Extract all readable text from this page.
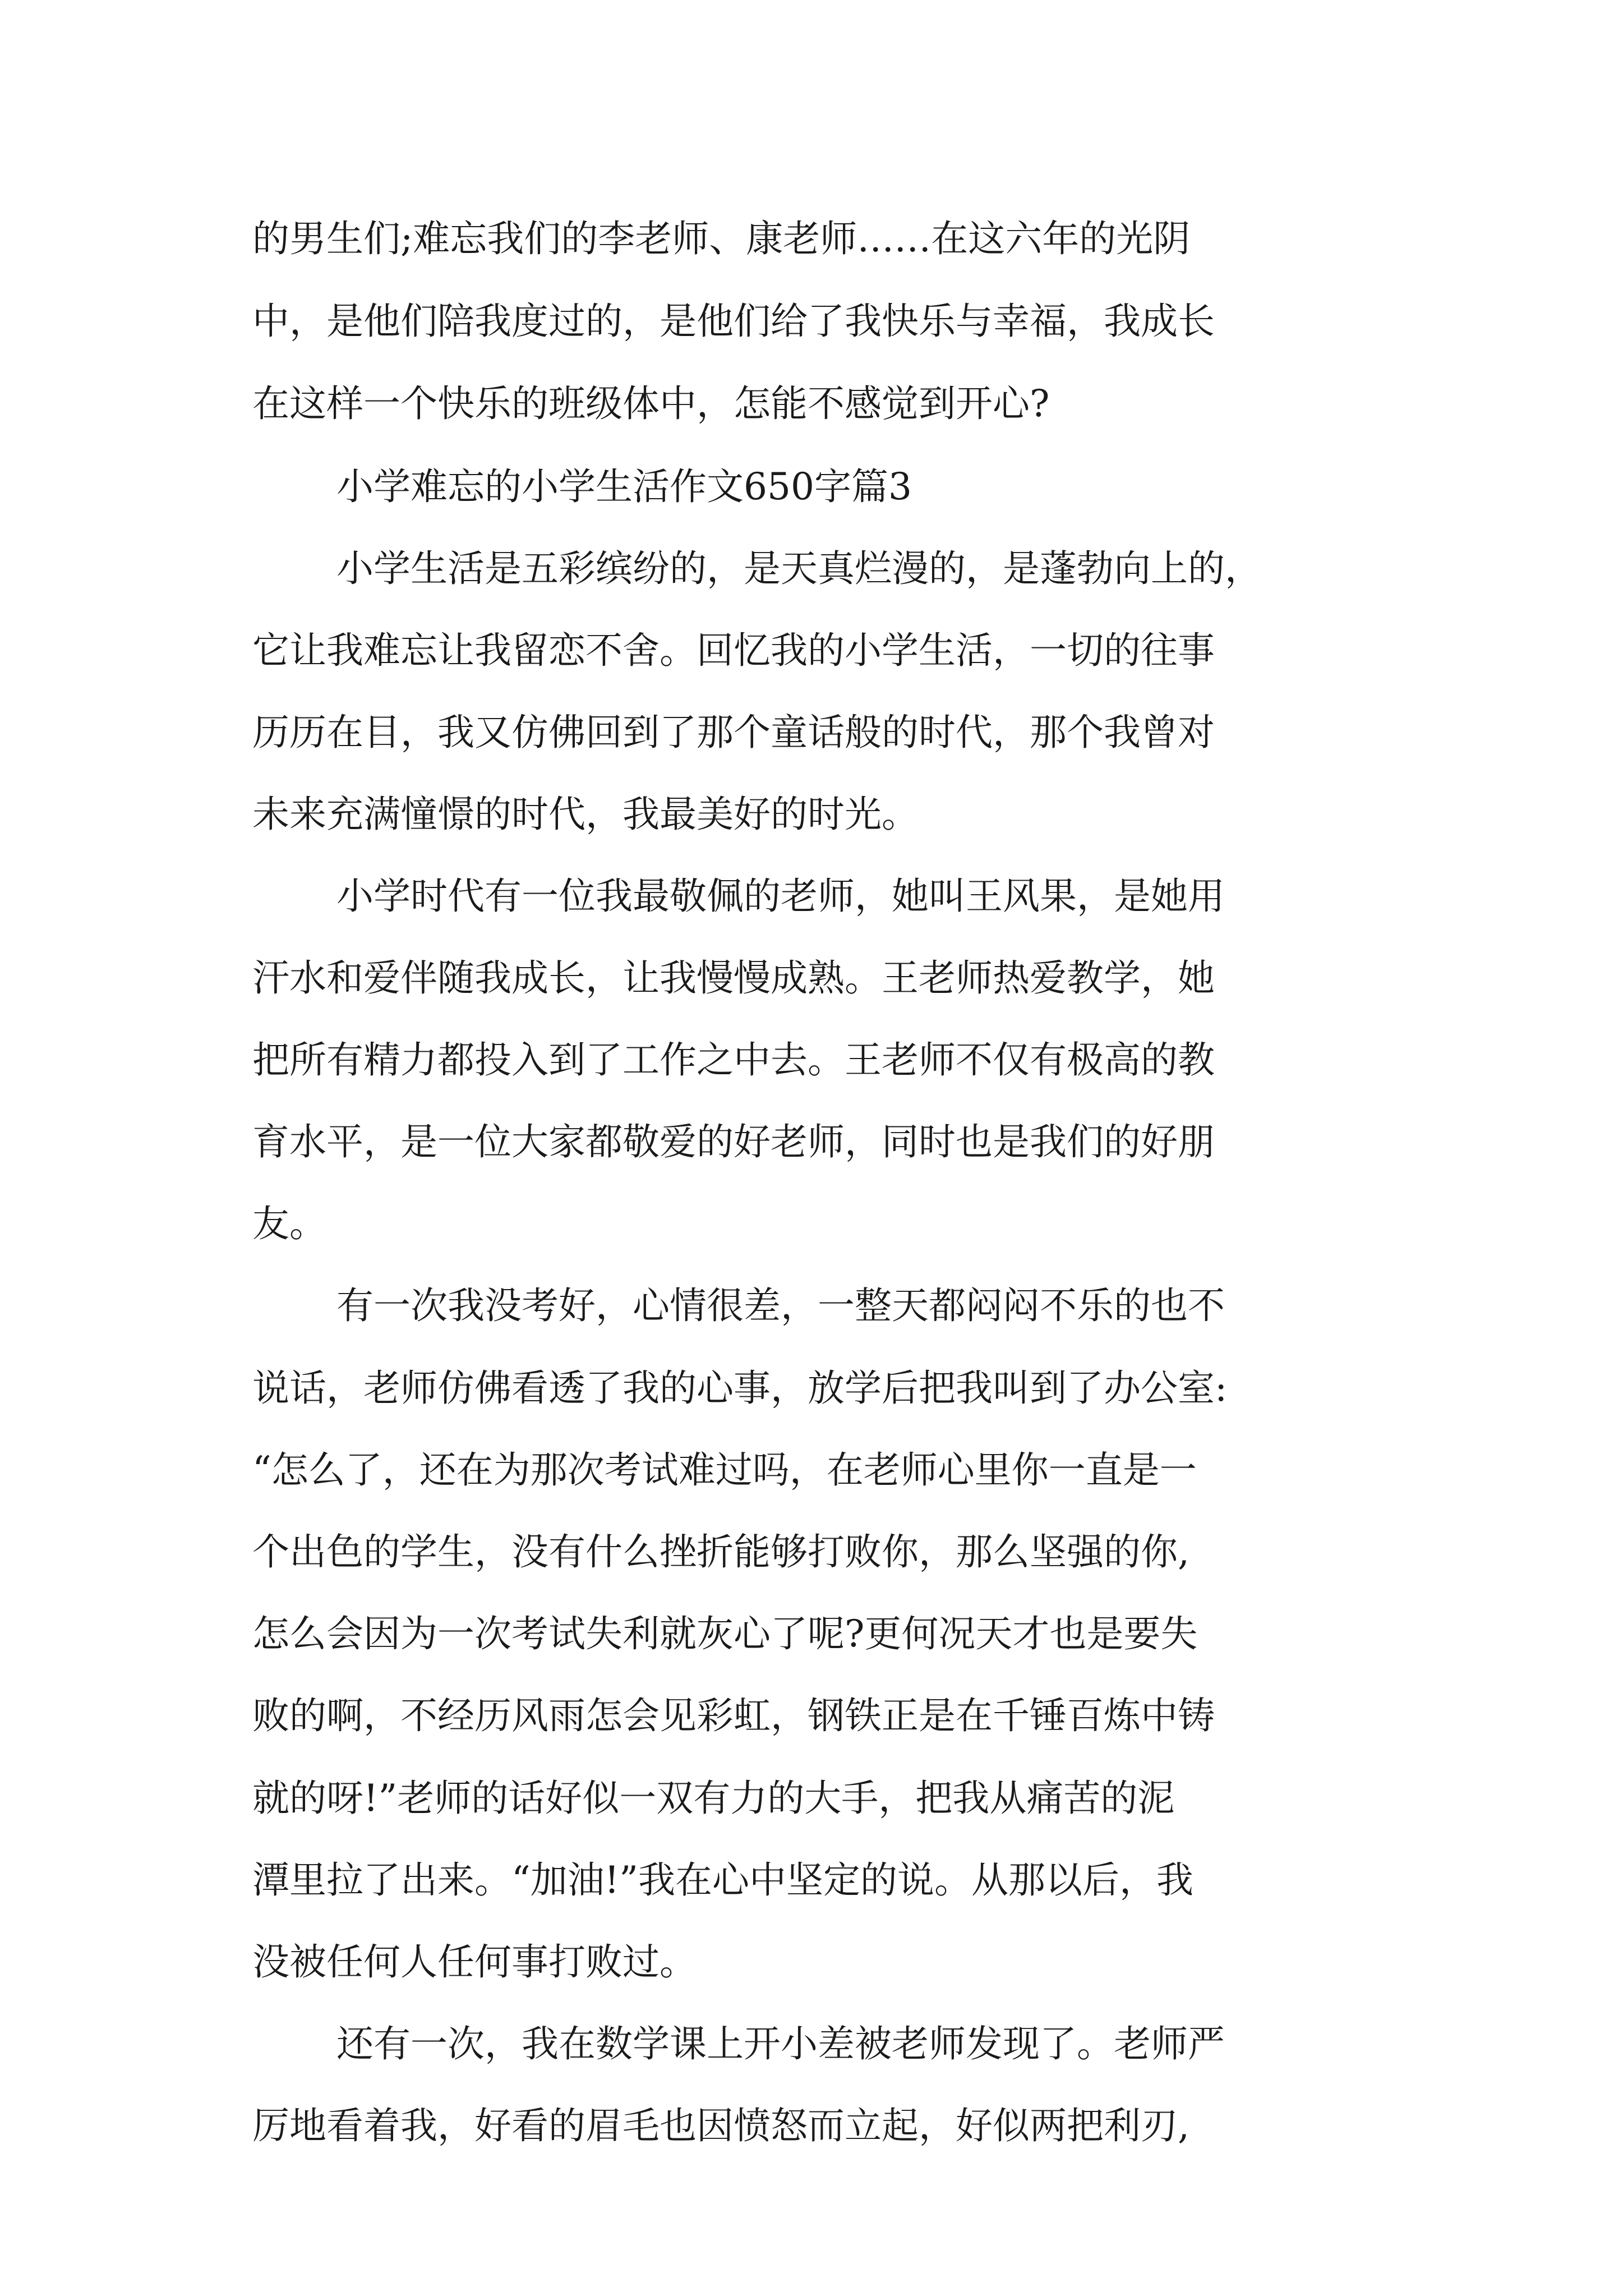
的男生们;难忘我们的李老师、康老师……在这六年的光阴

中，是他们陪我度过的，是他们给了我快乐与幸福，我成长

在这样一个快乐的班级体中，怎能不感觉到开心?

小学难忘的小学生活作文650字篇3

小学生活是五彩缤纷的，是天真烂漫的，是蓬勃向上的，

它让我难忘让我留恋不舍。回忆我的小学生活，一切的往事

历历在目，我又仿佛回到了那个童话般的时代，那个我曾对

未来充满憧憬的时代，我最美好的时光。

小学时代有一位我最敬佩的老师，她叫王风果，是她用

汗水和爱伴随我成长，让我慢慢成熟。王老师热爱教学，她

把所有精力都投入到了工作之中去。王老师不仅有极高的教

育水平，是一位大家都敬爱的好老师，同时也是我们的好朋

友。

有一次我没考好，心情很差，一整天都闷闷不乐的也不

说话，老师仿佛看透了我的心事，放学后把我叫到了办公室:

“怎么了，还在为那次考试难过吗，在老师心里你一直是一

个出色的学生，没有什么挫折能够打败你，那么坚强的你,

怎么会因为一次考试失利就灰心了呢?更何况天才也是要失

败的啊，不经历风雨怎会见彩虹，钢铁正是在千锤百炼中铸

就的呀!”老师的话好似一双有力的大手，把我从痛苦的泥

潭里拉了出来。“加油!”我在心中坚定的说。从那以后，我

没被任何人任何事打败过。

还有一次，我在数学课上开小差被老师发现了。老师严

厉地看着我，好看的眉毛也因愤怒而立起，好似两把利刃,
